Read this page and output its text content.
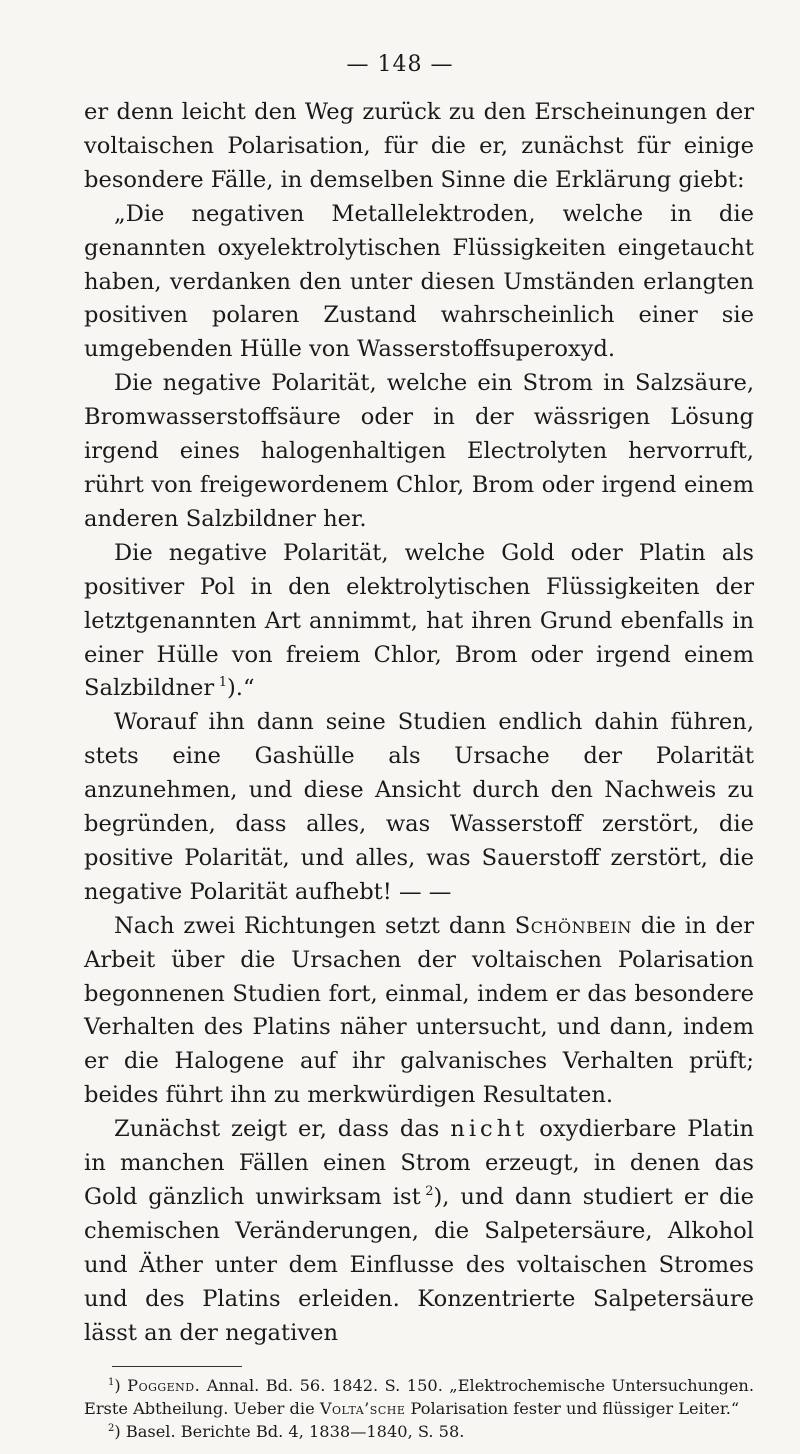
— 148 —

er denn leicht den Weg zurück zu den Erscheinungen der voltaischen Polarisation, für die er, zunächst für einige besondere Fälle, in demselben Sinne die Erklärung giebt:

„Die negativen Metallelektroden, welche in die genannten oxyelektrolytischen Flüssigkeiten eingetaucht haben, verdanken den unter diesen Umständen erlangten positiven polaren Zustand wahrscheinlich einer sie umgebenden Hülle von Wasserstoffsuperoxyd.

Die negative Polarität, welche ein Strom in Salzsäure, Bromwasserstoffsäure oder in der wässrigen Lösung irgend eines halogenhaltigen Electrolyten hervorruft, rührt von freigewordenem Chlor, Brom oder irgend einem anderen Salzbildner her.

Die negative Polarität, welche Gold oder Platin als positiver Pol in den elektrolytischen Flüssigkeiten der letztgenannten Art annimmt, hat ihren Grund ebenfalls in einer Hülle von freiem Chlor, Brom oder irgend einem Salzbildner  $^1$).“

Worauf ihn dann seine Studien endlich dahin führen, stets eine Gashülle als Ursache der Polarität anzunehmen, und diese Ansicht durch den Nachweis zu begründen, dass alles, was Wasserstoff zerstört, die positive Polarität, und alles, was Sauerstoff zerstört, die negative Polarität aufhebt! — —

Nach zwei Richtungen setzt dann Schönbein die in der Arbeit über die Ursachen der voltaischen Polarisation begonnenen Studien fort, einmal, indem er das besondere Verhalten des Platins näher untersucht, und dann, indem er die Halogene auf ihr galvanisches Verhalten prüft; beides führt ihn zu merkwürdigen Resultaten.

Zunächst zeigt er, dass das nicht oxydierbare Platin in manchen Fällen einen Strom erzeugt, in denen das Gold gänzlich unwirksam ist  $^2$), und dann studiert er die chemischen Veränderungen, die Salpetersäure, Alkohol und Äther unter dem Einflusse des voltaischen Stromes und des Platins erleiden. Konzentrierte Salpetersäure lässt an der negativen

$^1$) Poggend. Annal. Bd. 56. 1842. S. 150. „Elektrochemische Untersuchungen. Erste Abtheilung. Ueber die Volta’sche Polarisation fester und flüssiger Leiter.“

$^2$) Basel. Berichte Bd. 4, 1838—1840, S. 58.
